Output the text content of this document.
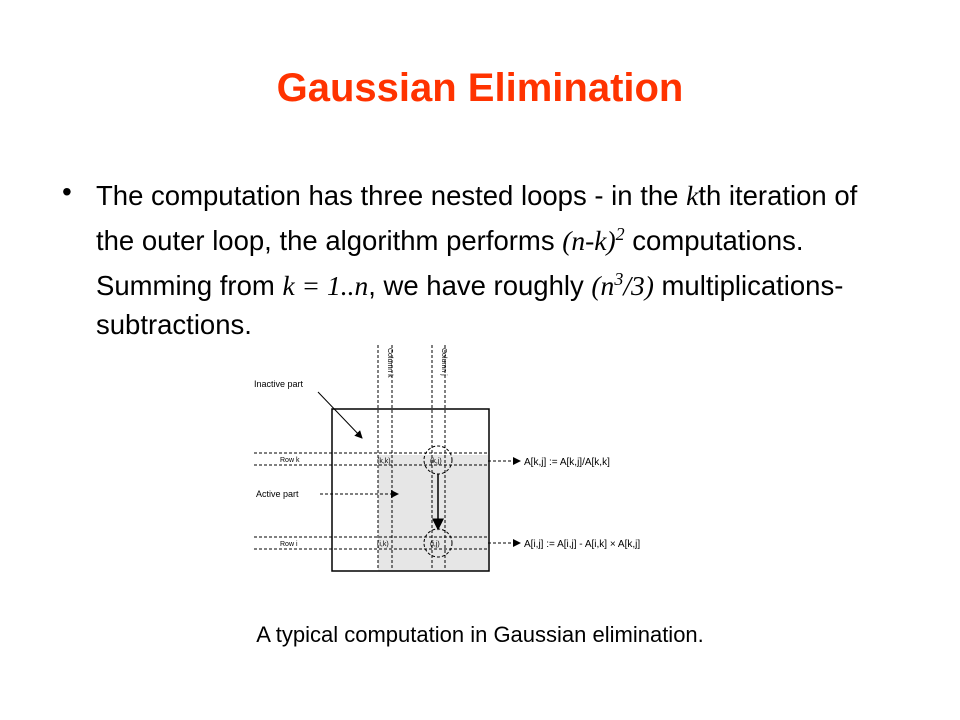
Gaussian Elimination
• The computation has three nested loops - in the kth iteration of the outer loop, the algorithm performs $(n-k)^2$ computations. Summing from k = 1..n, we have roughly $(n^3/3)$ multiplications-subtractions.
Column k	Column j
Row k
Row i
Inactive part
Active part
(k,k)	(k,j)
(i,k)	(i,j)
A[k,j] := A[k,j]/A[k,k]
A[i,j] := A[i,j] - A[i,k] × A[k,j]
A typical computation in Gaussian elimination.
